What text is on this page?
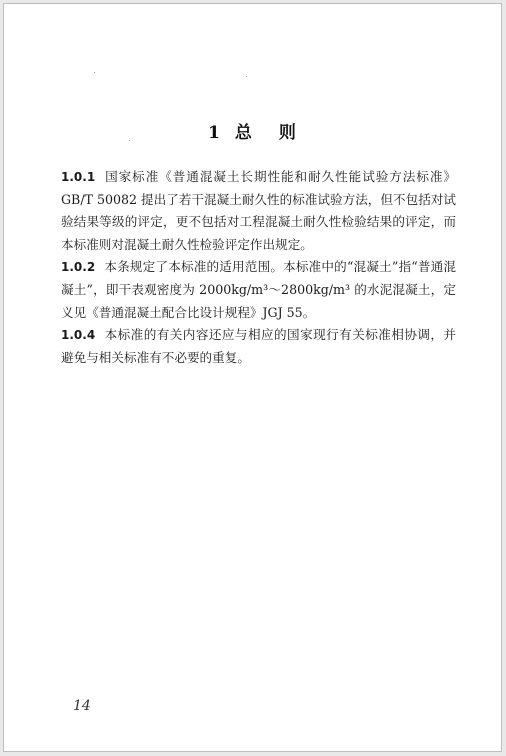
1 总 则

1.0.1 国家标准《普通混凝土长期性能和耐久性能试验方法标准》GB/T 50082 提出了若干混凝土耐久性的标准试验方法，但不包括对试验结果等级的评定，更不包括对工程混凝土耐久性检验结果的评定，而本标准则对混凝土耐久性检验评定作出规定。

1.0.2 本条规定了本标准的适用范围。本标准中的“混凝土”指“普通混凝土”，即干表观密度为 2000kg/m³～2800kg/m³ 的水泥混凝土，定义见《普通混凝土配合比设计规程》JGJ 55。

1.0.4 本标准的有关内容还应与相应的国家现行有关标准相协调，并避免与相关标准有不必要的重复。

14
